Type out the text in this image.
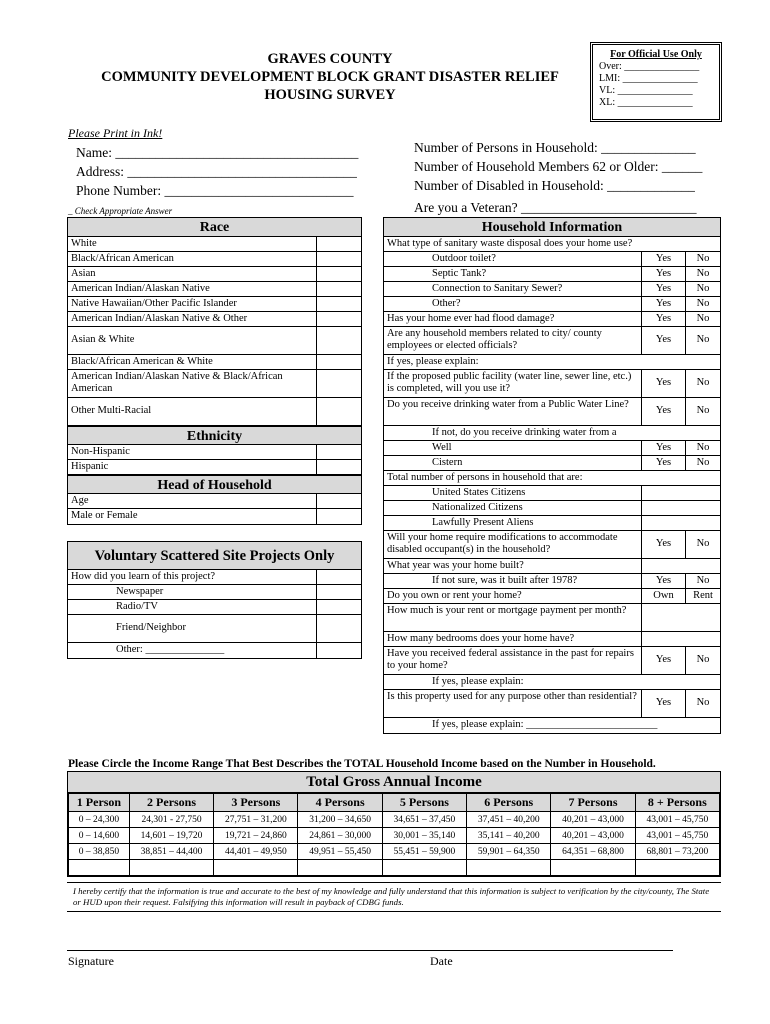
GRAVES COUNTY
COMMUNITY DEVELOPMENT BLOCK GRANT DISASTER RELIEF
HOUSING SURVEY
For Official Use Only
Over: _______________
LMI: _______________
VL: _______________
XL: _______________
Please Print in Ink!
Name: ____________________________________
Address: __________________________________
Phone Number: ____________________________
_ Check Appropriate Answer
Number of Persons in Household: ______________
Number of Household Members 62 or Older: ______
Number of Disabled in Household: _____________
Are you a Veteran? __________________________
Race
White
Black/African American
Asian
American Indian/Alaskan Native
Native Hawaiian/Other Pacific Islander
American Indian/Alaskan Native & Other
Asian & White
Black/African American & White
American Indian/Alaskan Native & Black/African American
Other Multi-Racial
Ethnicity
Non-Hispanic
Hispanic
Head of Household
Age
Male or Female
Voluntary Scattered Site Projects Only
How did you learn of this project?
Newspaper
Radio/TV
Friend/Neighbor
Other: _______________
Household Information
What type of sanitary waste disposal does your home use?
Outdoor toilet?	Yes	No
Septic Tank?	Yes	No
Connection to Sanitary Sewer?	Yes	No
Other?	Yes	No
Has your home ever had flood damage?	Yes	No
Are any household members related to city/ county employees or elected officials?
Yes	No
If yes, please explain:
If the proposed public facility (water line, sewer line, etc.) is completed, will you use it?
Yes	No
Do you receive drinking water from a Public Water Line?
Yes	No
If not, do you receive drinking water from a
Well	Yes	No
Cistern	Yes	No
Total number of persons in household that are:
United States Citizens
Nationalized Citizens
Lawfully Present Aliens
Will your home require modifications to accommodate disabled occupant(s) in the household?
Yes	No
What year was your home built?
If not sure, was it built after 1978?	Yes	No
Do you own or rent your home?	Own	Rent
How much is your rent or mortgage payment per month?
How many bedrooms does your home have?
Have you received federal assistance in the past for repairs to your home?
Yes	No
If yes, please explain:
Is this property used for any purpose other than residential?
Yes	No
If yes, please explain: _________________________
Please Circle the Income Range That Best Describes the TOTAL Household Income based on the Number in Household.
Total Gross Annual Income
1 Person	2 Persons	3 Persons	4 Persons	5 Persons	6 Persons	7 Persons	8 + Persons
0 – 24,300	24,301 - 27,750	27,751 – 31,200	31,200 – 34,650	34,651 – 37,450	37,451 – 40,200	40,201 – 43,000	43,001 – 45,750
0 – 14,600	14,601 – 19,720	19,721 – 24,860	24,861 – 30,000	30,001 – 35,140	35,141 – 40,200	40,201 – 43,000	43,001 – 45,750
0 – 38,850	38,851 – 44,400	44,401 – 49,950	49,951 – 55,450	55,451 – 59,900	59,901 – 64,350	64,351 – 68,800	68,801 – 73,200

I hereby certify that the information is true and accurate to the best of my knowledge and fully understand that this information is subject to verification by the city/county, The State or HUD upon their request. Falsifying this information will result in payback of CDBG funds.
Signature	Date
